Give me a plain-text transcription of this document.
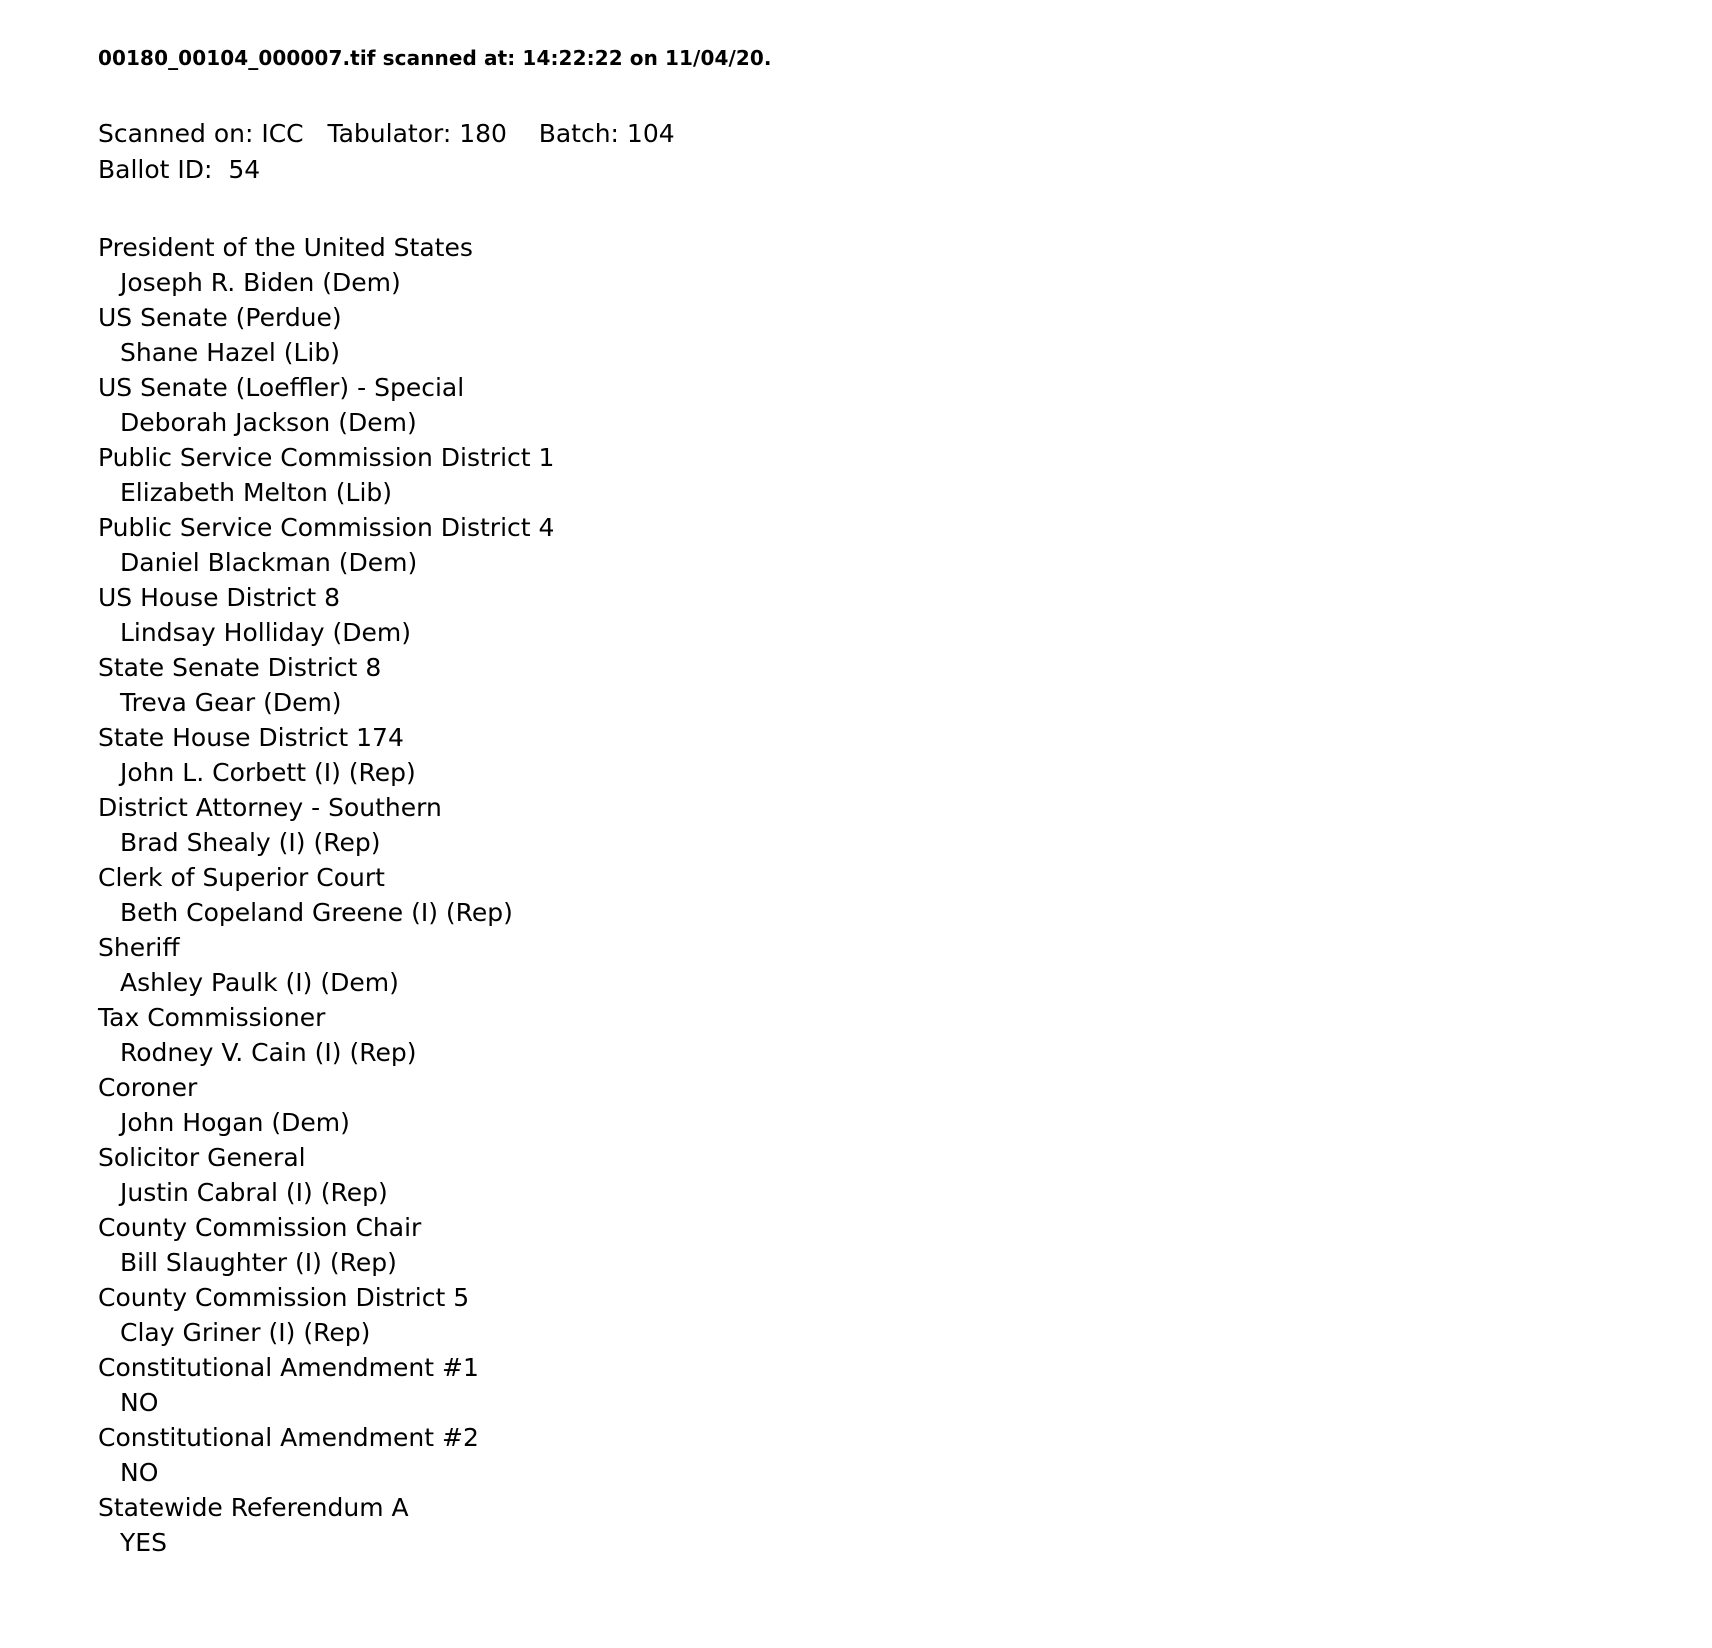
00180_00104_000007.tif scanned at: 14:22:22 on 11/04/20.
Scanned on: ICC   Tabulator: 180    Batch: 104
Ballot ID:  54
President of the United States
Joseph R. Biden (Dem)
US Senate (Perdue)
Shane Hazel (Lib)
US Senate (Loeffler) - Special
Deborah Jackson (Dem)
Public Service Commission District 1
Elizabeth Melton (Lib)
Public Service Commission District 4
Daniel Blackman (Dem)
US House District 8
Lindsay Holliday (Dem)
State Senate District 8
Treva Gear (Dem)
State House District 174
John L. Corbett (I) (Rep)
District Attorney - Southern
Brad Shealy (I) (Rep)
Clerk of Superior Court
Beth Copeland Greene (I) (Rep)
Sheriff
Ashley Paulk (I) (Dem)
Tax Commissioner
Rodney V. Cain (I) (Rep)
Coroner
John Hogan (Dem)
Solicitor General
Justin Cabral (I) (Rep)
County Commission Chair
Bill Slaughter (I) (Rep)
County Commission District 5
Clay Griner (I) (Rep)
Constitutional Amendment #1
NO
Constitutional Amendment #2
NO
Statewide Referendum A
YES
